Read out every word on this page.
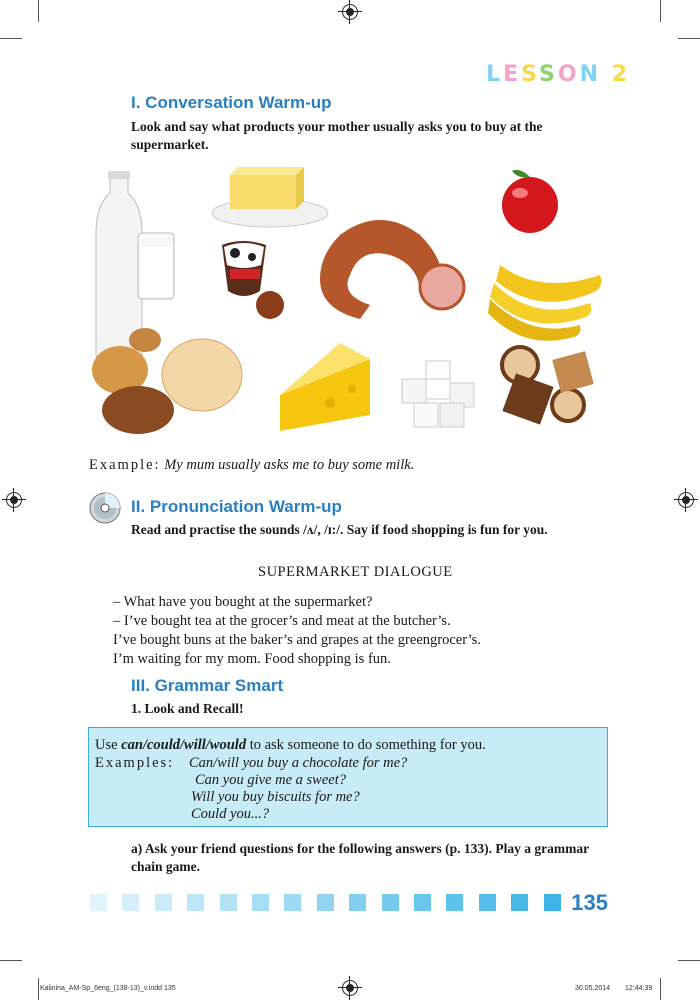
LESSON 2
I. Conversation Warm-up
Look and say what products your mother usually asks you to buy at the supermarket.
Example: My mum usually asks me to buy some milk.
II. Pronunciation Warm-up
Read and practise the sounds /ʌ/, /ɪ:/. Say if food shopping is fun for you.
SUPERMARKET DIALOGUE
– What have you bought at the supermarket?
– I’ve bought tea at the grocer’s and meat at the butcher’s.
I’ve bought buns at the baker’s and grapes at the greengrocer’s.
I’m waiting for my mom. Food shopping is fun.
III. Grammar Smart
1. Look and Recall!
Use can/could/will/would to ask someone to do something for you.
Examples: Can/will you buy a chocolate for me?
Can you give me a sweet?
Will you buy biscuits for me?
Could you...?
a) Ask your friend questions for the following answers (p. 133). Play a grammar chain game.
135
Kalinina_AM-Sp_6eng_(138-13)_v.indd 135	30.05.2014 12:44:39
